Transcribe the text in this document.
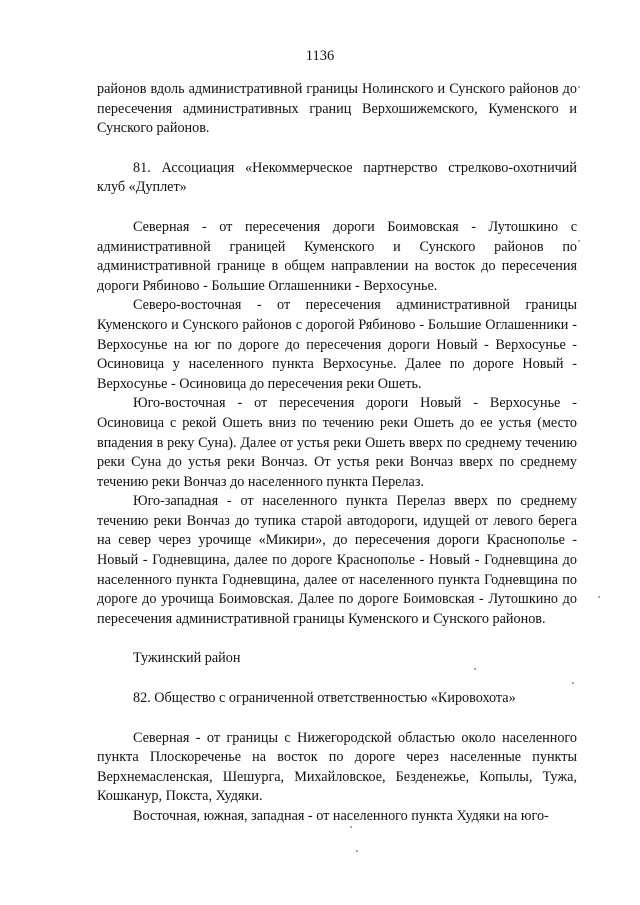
1136

районов вдоль административной границы Нолинского и Сунского районов до пересечения административных границ Верхошижемского, Куменского и Сунского районов.

81. Ассоциация «Некоммерческое партнерство стрелково-охотничий клуб «Дуплет»

Северная - от пересечения дороги Боимовская - Лутошкино с административной границей Куменского и Сунского районов по административной границе в общем направлении на восток до пересечения дороги Рябиново - Большие Оглашенники - Верхосунье.

Северо-восточная - от пересечения административной границы Куменского и Сунского районов с дорогой Рябиново - Большие Оглашенники - Верхосунье на юг по дороге до пересечения дороги Новый - Верхосунье - Осиновица у населенного пункта Верхосунье. Далее по дороге Новый - Верхосунье - Осиновица до пересечения реки Ошеть.

Юго-восточная - от пересечения дороги Новый - Верхосунье - Осиновица с рекой Ошеть вниз по течению реки Ошеть до ее устья (место впадения в реку Суна). Далее от устья реки Ошеть вверх по среднему течению реки Суна до устья реки Вончаз. От устья реки Вончаз вверх по среднему течению реки Вончаз до населенного пункта Перелаз.

Юго-западная - от населенного пункта Перелаз вверх по среднему течению реки Вончаз до тупика старой автодороги, идущей от левого берега на север через урочище «Микири», до пересечения дороги Краснополье - Новый - Годневщина, далее по дороге Краснополье - Новый - Годневщина до населенного пункта Годневщина, далее от населенного пункта Годневщина по дороге до урочища Боимовская. Далее по дороге Боимовская - Лутошкино до пересечения административной границы Куменского и Сунского районов.

Тужинский район

82. Общество с ограниченной ответственностью «Кировохота»

Северная - от границы с Нижегородской областью около населенного пункта Плоскореченье на восток по дороге через населенные пункты Верхнемасленская, Шешурга, Михайловское, Безденежье, Копылы, Тужа, Кошканур, Покста, Худяки.

Восточная, южная, западная - от населенного пункта Худяки на юго-
